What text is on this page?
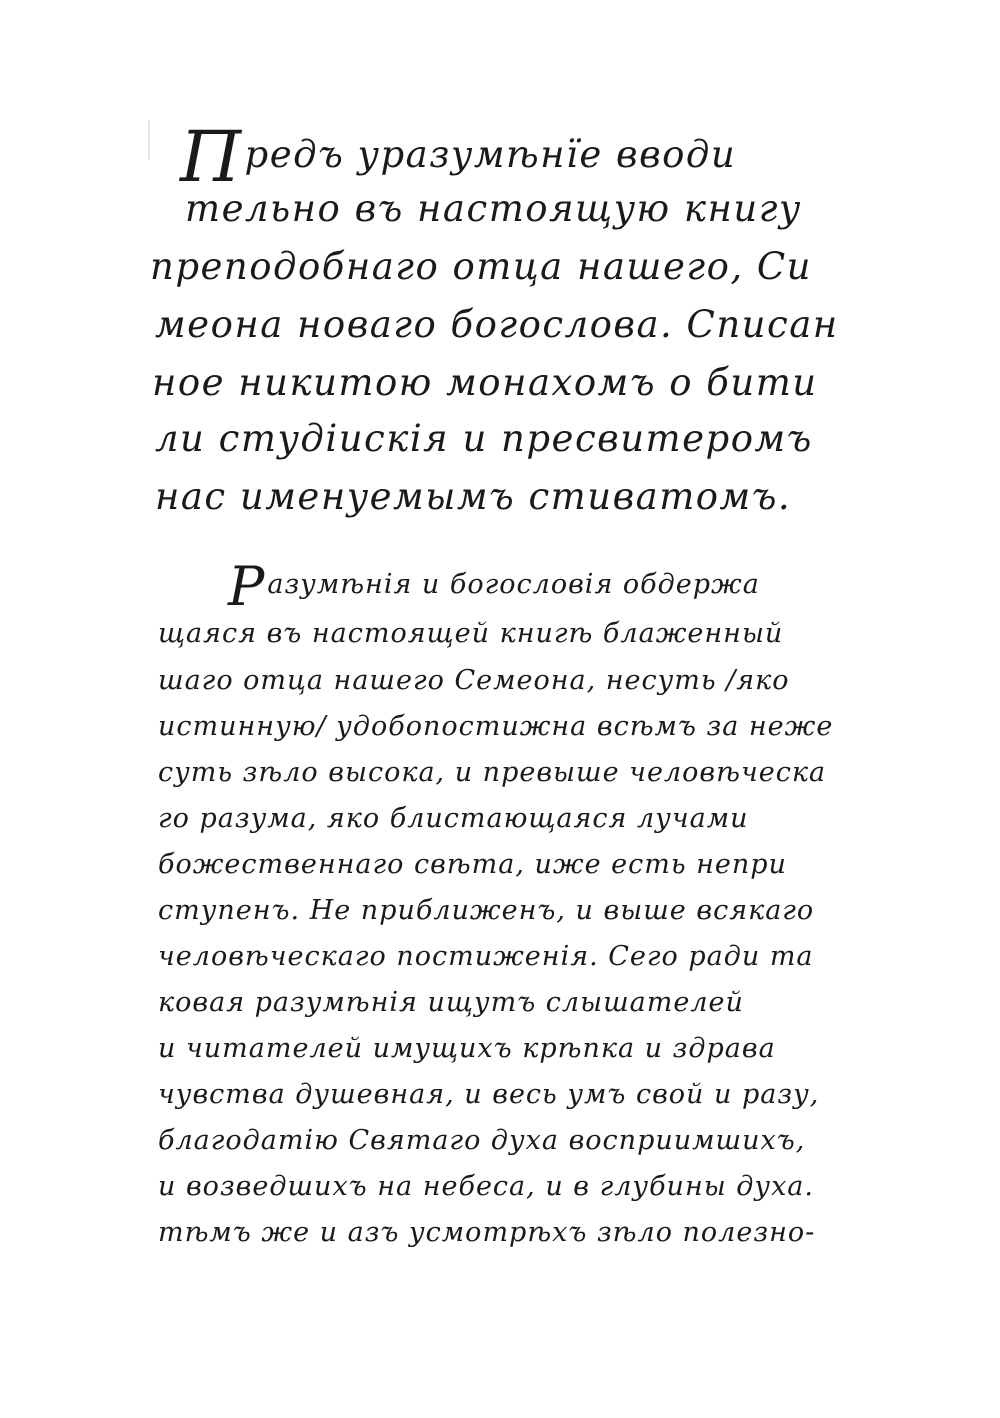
Предъ уразумѣнїе вводи
тельно въ настоящую книгу
преподобнаго отца нашего, Си
меона новаго богослова. Списан
ное никитою монахомъ о бити
ли студiискiя и пресвитеромъ
нас именуемымъ стиватомъ.
Разумѣнiя и богословiя обдержа
щаяся въ настоящей книгѣ блаженный
шаго отца нашего Семеона, несуть /яко
истинную/ удобопостижна всѣмъ за неже
суть зѣло высока, и превыше человѣческа
го разума, яко блистающаяся лучами
божественнаго свѣта, иже есть непри
ступенъ. Не приближенъ, и выше всякаго
человѣческаго постиженiя. Сего ради та
ковая разумѣнiя ищутъ слышателей
и читателей имущихъ крѣпка и здрава
чувства душевная, и весь умъ свой и разу,
благодатiю Святаго духа восприимшихъ,
и возведшихъ на небеса, и в глубины духа.
тѣмъ же и азъ усмотрѣхъ зѣло полезно-
